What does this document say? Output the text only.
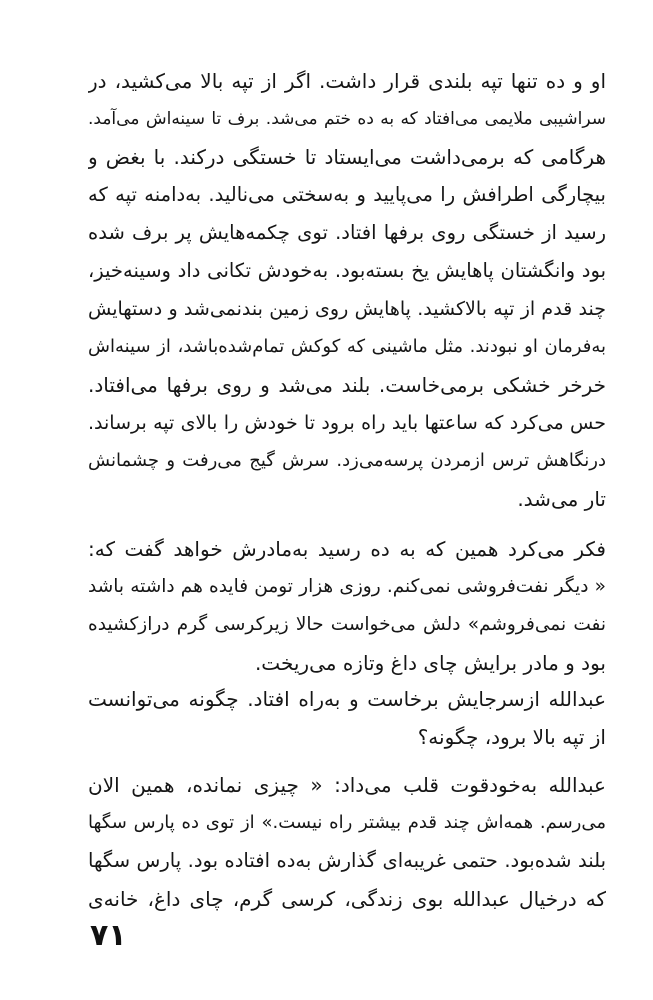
او و ده تنها تپه بلندی قرار داشت. اگر از تپه بالا می‌کشید، در
سراشیبی ملایمی می‌افتاد که به ده ختم می‌شد. برف تا سینه‌اش می‌آمد.
هرگامی که برمی‌داشت می‌ایستاد تا خستگی درکند. با بغض و
بیچارگی اطرافش را می‌پایید و به‌سختی می‌نالید. به‌دامنه تپه که
رسید از خستگی روی برفها افتاد. توی چکمه‌هایش پر برف شده
بود وانگشتان پاهایش یخ بسته‌بود. به‌خودش تکانی داد وسینه‌خیز،
چند قدم از تپه بالاکشید. پاهایش روی زمین بندنمی‌شد و دستهایش
به‌فرمان او نبودند. مثل ماشینی که کوکش تمام‌شده‌باشد، از سینه‌اش
خرخر خشکی برمی‌خاست. بلند می‌شد و روی برفها می‌افتاد.
حس می‌کرد که ساعتها باید راه برود تا خودش را بالای تپه برساند.
درنگاهش ترس ازمردن پرسه‌می‌زد. سرش گیج می‌رفت و چشمانش
تار می‌شد.
فکر می‌کرد همین که به ده رسید به‌مادرش خواهد گفت که:
« دیگر نفت‌فروشی نمی‌کنم. روزی هزار تومن فایده هم داشته باشد
نفت نمی‌فروشم» دلش می‌خواست حالا زیرکرسی گرم درازکشیده
بود و مادر برایش چای داغ وتازه می‌ریخت.
عبدالله ازسرجایش برخاست و به‌راه افتاد. چگونه می‌توانست
از تپه بالا برود، چگونه؟
عبدالله به‌خودقوت قلب می‌داد: « چیزی نمانده، همین الان
می‌رسم. همه‌اش چند قدم بیشتر راه نیست.» از توی ده پارس سگها
بلند شده‌بود. حتمی غریبه‌ای گذارش به‌ده افتاده بود. پارس سگها
که درخیال عبدالله بوی زندگی، کرسی گرم، چای داغ، خانه‌ی
۷۱
